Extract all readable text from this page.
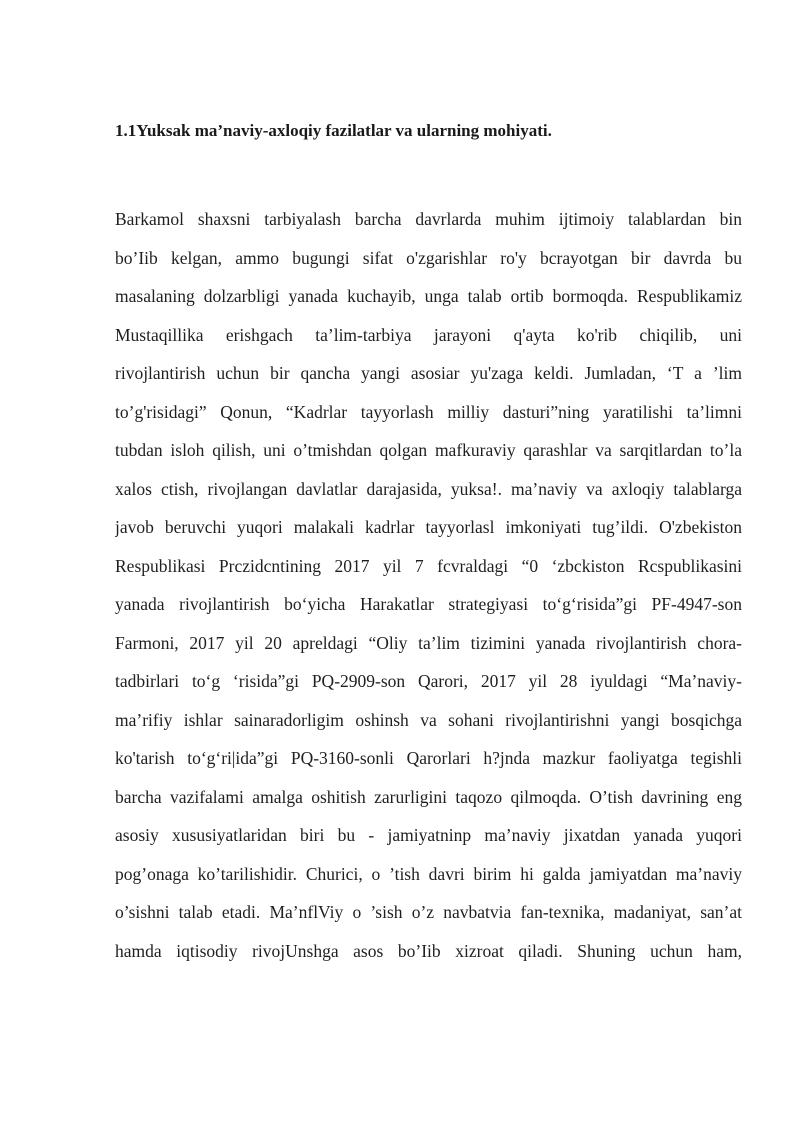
1.1Yuksak ma’naviy-axloqiy fazilatlar va ularning mohiyati.
Barkamol shaxsni tarbiyalash barcha davrlarda muhim ijtimoiy talablardan bin
bo’Iib kelgan, ammo bugungi sifat o'zgarishlar ro'y bcrayotgan bir davrda bu
masalaning dolzarbligi yanada kuchayib, unga talab ortib bormoqda. Respublikamiz
Mustaqillika erishgach ta’lim-tarbiya jarayoni q'ayta ko'rib chiqilib, uni
rivojlantirish uchun bir qancha yangi asosiar yu'zaga keldi. Jumladan, ‘T a ’lim
to’g'risidagi” Qonun, “Kadrlar tayyorlash milliy dasturi”ning yaratilishi ta’limni
tubdan isloh qilish, uni o’tmishdan qolgan mafkuraviy qarashlar va sarqitlardan to’la
xalos ctish, rivojlangan davlatlar darajasida, yuksa!. ma’naviy va axloqiy talablarga
javob beruvchi yuqori malakali kadrlar tayyorlasl imkoniyati tug’ildi. O'zbekiston
Respublikasi Prczidcntining 2017 yil 7 fcvraldagi “0 ‘zbckiston Rcspublikasini
yanada rivojlantirish bo‘yicha Harakatlar strategiyasi to‘g‘risida”gi PF-4947-son
Farmoni, 2017 yil 20 apreldagi “Oliy ta’lim tizimini yanada rivojlantirish chora-
tadbirlari to‘g ‘risida”gi PQ-2909-son Qarori, 2017 yil 28 iyuldagi “Ma’naviy-
ma’rifiy ishlar sainaradorligim oshinsh va sohani rivojlantirishni yangi bosqichga
ko'tarish to‘g‘ri|ida”gi PQ-3160-sonli Qarorlari h?jnda mazkur faoliyatga tegishli
barcha vazifalami amalga oshitish zarurligini taqozo qilmoqda. O’tish davrining eng
asosiy xususiyatlaridan biri bu - jamiyatninp ma’naviy jixatdan yanada yuqori
pog’onaga ko’tarilishidir. Churici, o ’tish davri birim hi galda jamiyatdan ma’naviy
o’sishni talab etadi. Ma’nflViy o ’sish o’z navbatvia fan-texnika, madaniyat, san’at
hamda iqtisodiy rivojUnshga asos bo’Iib xizroat qiladi. Shuning uchun ham,
